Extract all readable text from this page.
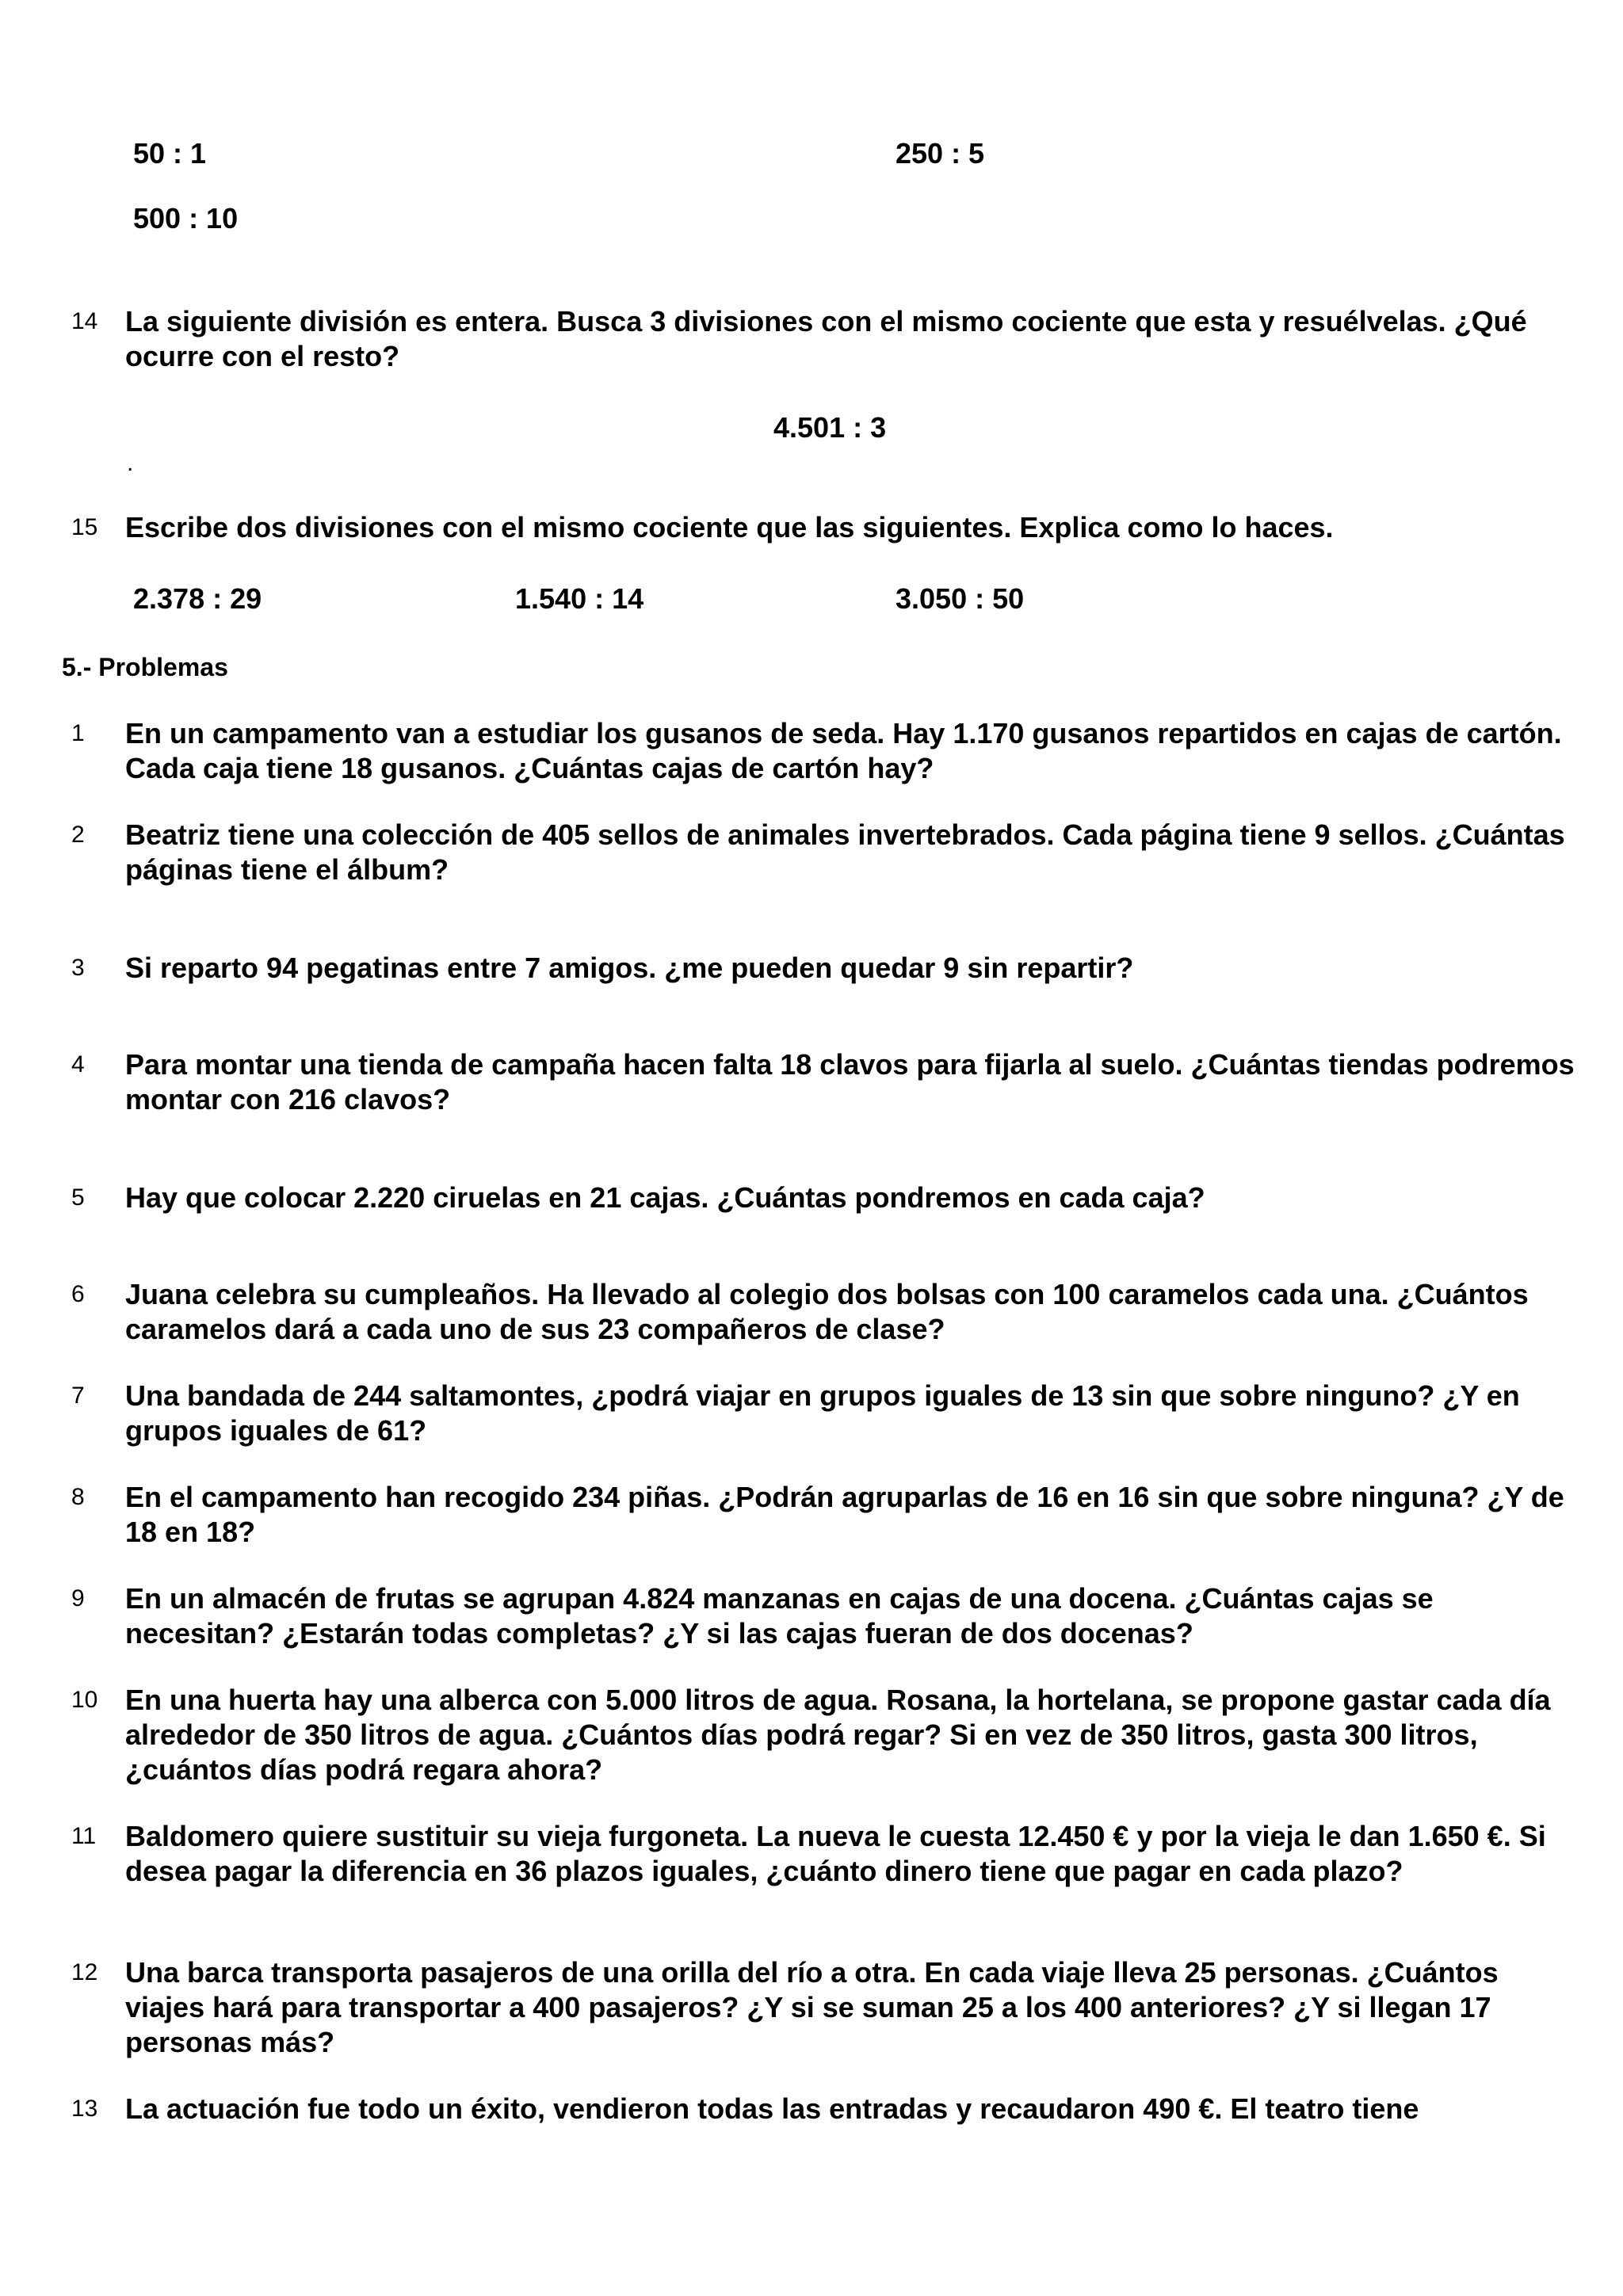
50 : 1	250 : 5
500 : 10
14 La siguiente división es entera. Busca 3 divisiones con el mismo cociente que esta y resuélvelas. ¿Qué ocurre con el resto?

4.501 : 3
.
15 Escribe dos divisiones con el mismo cociente que las siguientes. Explica como lo haces.

2.378 : 29	1.540 : 14	3.050 : 50
5.- Problemas
1 En un campamento van a estudiar los gusanos de seda. Hay 1.170 gusanos repartidos en cajas de cartón. Cada caja tiene 18 gusanos. ¿Cuántas cajas de cartón hay?

2 Beatriz tiene una colección de 405 sellos de animales invertebrados. Cada página tiene 9 sellos. ¿Cuántas páginas tiene el álbum?

3 Si reparto 94 pegatinas entre 7 amigos. ¿me pueden quedar 9 sin repartir?

4 Para montar una tienda de campaña hacen falta 18 clavos para fijarla al suelo. ¿Cuántas tiendas podremos montar con 216 clavos?

5 Hay que colocar 2.220 ciruelas en 21 cajas. ¿Cuántas pondremos en cada caja?

6 Juana celebra su cumpleaños. Ha llevado al colegio dos bolsas con 100 caramelos cada una. ¿Cuántos caramelos dará a cada uno de sus 23 compañeros de clase?

7 Una bandada de 244 saltamontes, ¿podrá viajar en grupos iguales de 13 sin que sobre ninguno? ¿Y en grupos iguales de 61?

8 En el campamento han recogido 234 piñas. ¿Podrán agruparlas de 16 en 16 sin que sobre ninguna? ¿Y de 18 en 18?

9 En un almacén de frutas se agrupan 4.824 manzanas en cajas de una docena. ¿Cuántas cajas se necesitan? ¿Estarán todas completas? ¿Y si las cajas fueran de dos docenas?

10 En una huerta hay una alberca con 5.000 litros de agua. Rosana, la hortelana, se propone gastar cada día alrededor de 350 litros de agua. ¿Cuántos días podrá regar? Si en vez de 350 litros, gasta 300 litros, ¿cuántos días podrá regara ahora?

11 Baldomero quiere sustituir su vieja furgoneta. La nueva le cuesta 12.450 € y por la vieja le dan 1.650 €. Si desea pagar la diferencia en 36 plazos iguales, ¿cuánto dinero tiene que pagar en cada plazo?

12 Una barca transporta pasajeros de una orilla del río a otra. En cada viaje lleva 25 personas. ¿Cuántos viajes hará para transportar a 400 pasajeros? ¿Y si se suman 25 a los 400 anteriores? ¿Y si llegan 17 personas más?

13 La actuación fue todo un éxito, vendieron todas las entradas y recaudaron 490 €. El teatro tiene
